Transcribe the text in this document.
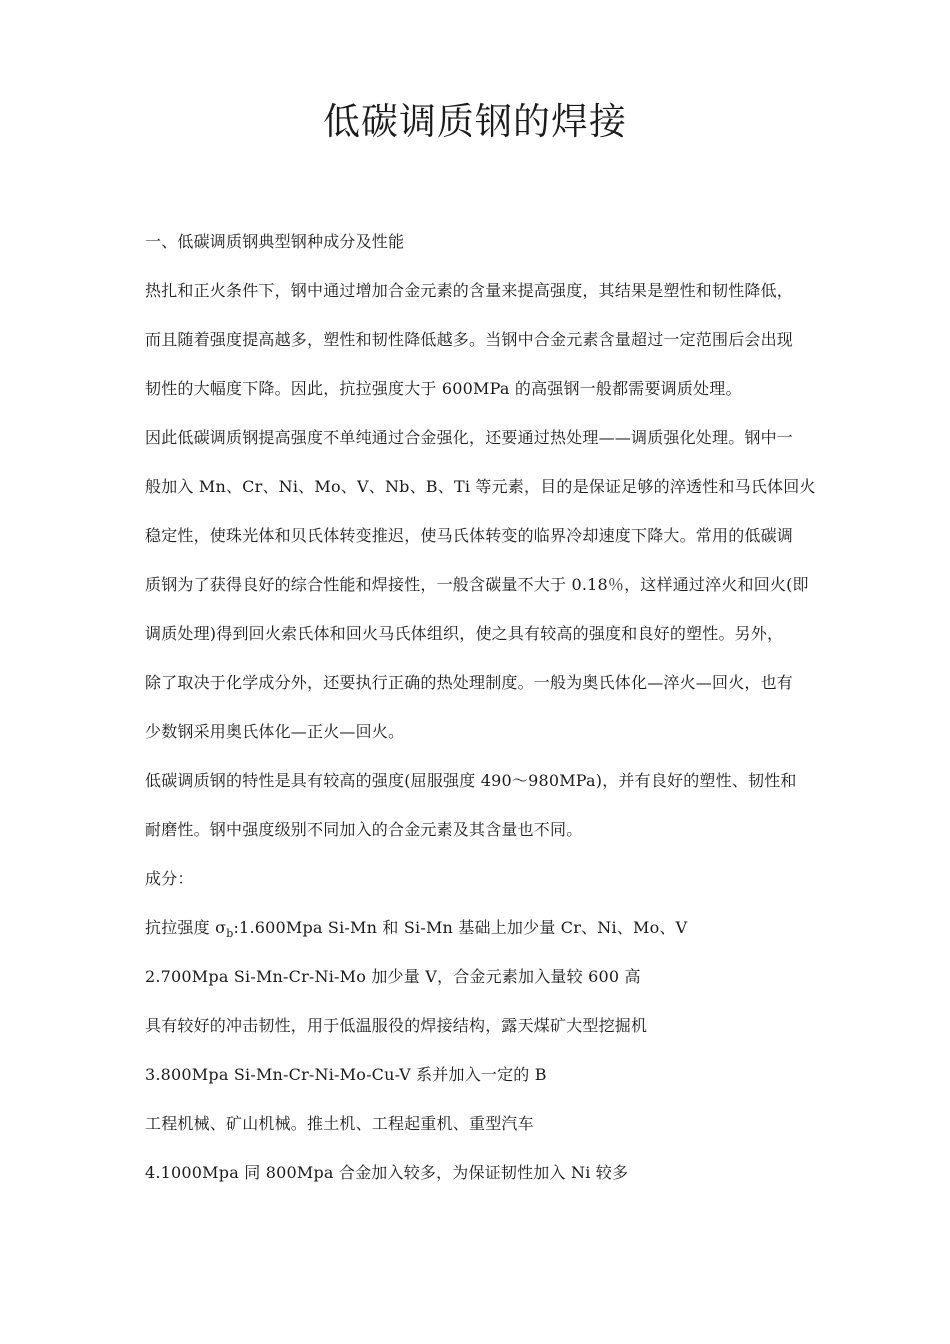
低碳调质钢的焊接

一、低碳调质钢典型钢种成分及性能

热扎和正火条件下，钢中通过增加合金元素的含量来提高强度，其结果是塑性和韧性降低，

而且随着强度提高越多，塑性和韧性降低越多。当钢中合金元素含量超过一定范围后会出现

韧性的大幅度下降。因此，抗拉强度大于 600MPa 的高强钢一般都需要调质处理。

因此低碳调质钢提高强度不单纯通过合金强化，还要通过热处理——调质强化处理。钢中一

般加入 Mn、Cr、Ni、Mo、V、Nb、B、Ti 等元素，目的是保证足够的淬透性和马氏体回火

稳定性，使珠光体和贝氏体转变推迟，使马氏体转变的临界冷却速度下降大。常用的低碳调

质钢为了获得良好的综合性能和焊接性，一般含碳量不大于 0.18％，这样通过淬火和回火(即

调质处理)得到回火索氏体和回火马氏体组织，使之具有较高的强度和良好的塑性。另外，

除了取决于化学成分外，还要执行正确的热处理制度。一般为奥氏体化—淬火—回火，也有

少数钢采用奥氏体化—正火—回火。

低碳调质钢的特性是具有较高的强度(屈服强度 490～980MPa)，并有良好的塑性、韧性和

耐磨性。钢中强度级别不同加入的合金元素及其含量也不同。

成分：

抗拉强度 $\sigma_b:1.600Mpa$ Si-Mn 和 Si-Mn 基础上加少量 Cr、Ni、Mo、V

2.700Mpa Si-Mn-Cr-Ni-Mo 加少量 V，合金元素加入量较 600 高

具有较好的冲击韧性，用于低温服役的焊接结构，露天煤矿大型挖掘机

3.800Mpa Si-Mn-Cr-Ni-Mo-Cu-V 系并加入一定的 B

工程机械、矿山机械。推土机、工程起重机、重型汽车

4.1000Mpa 同 800Mpa 合金加入较多，为保证韧性加入 Ni 较多
